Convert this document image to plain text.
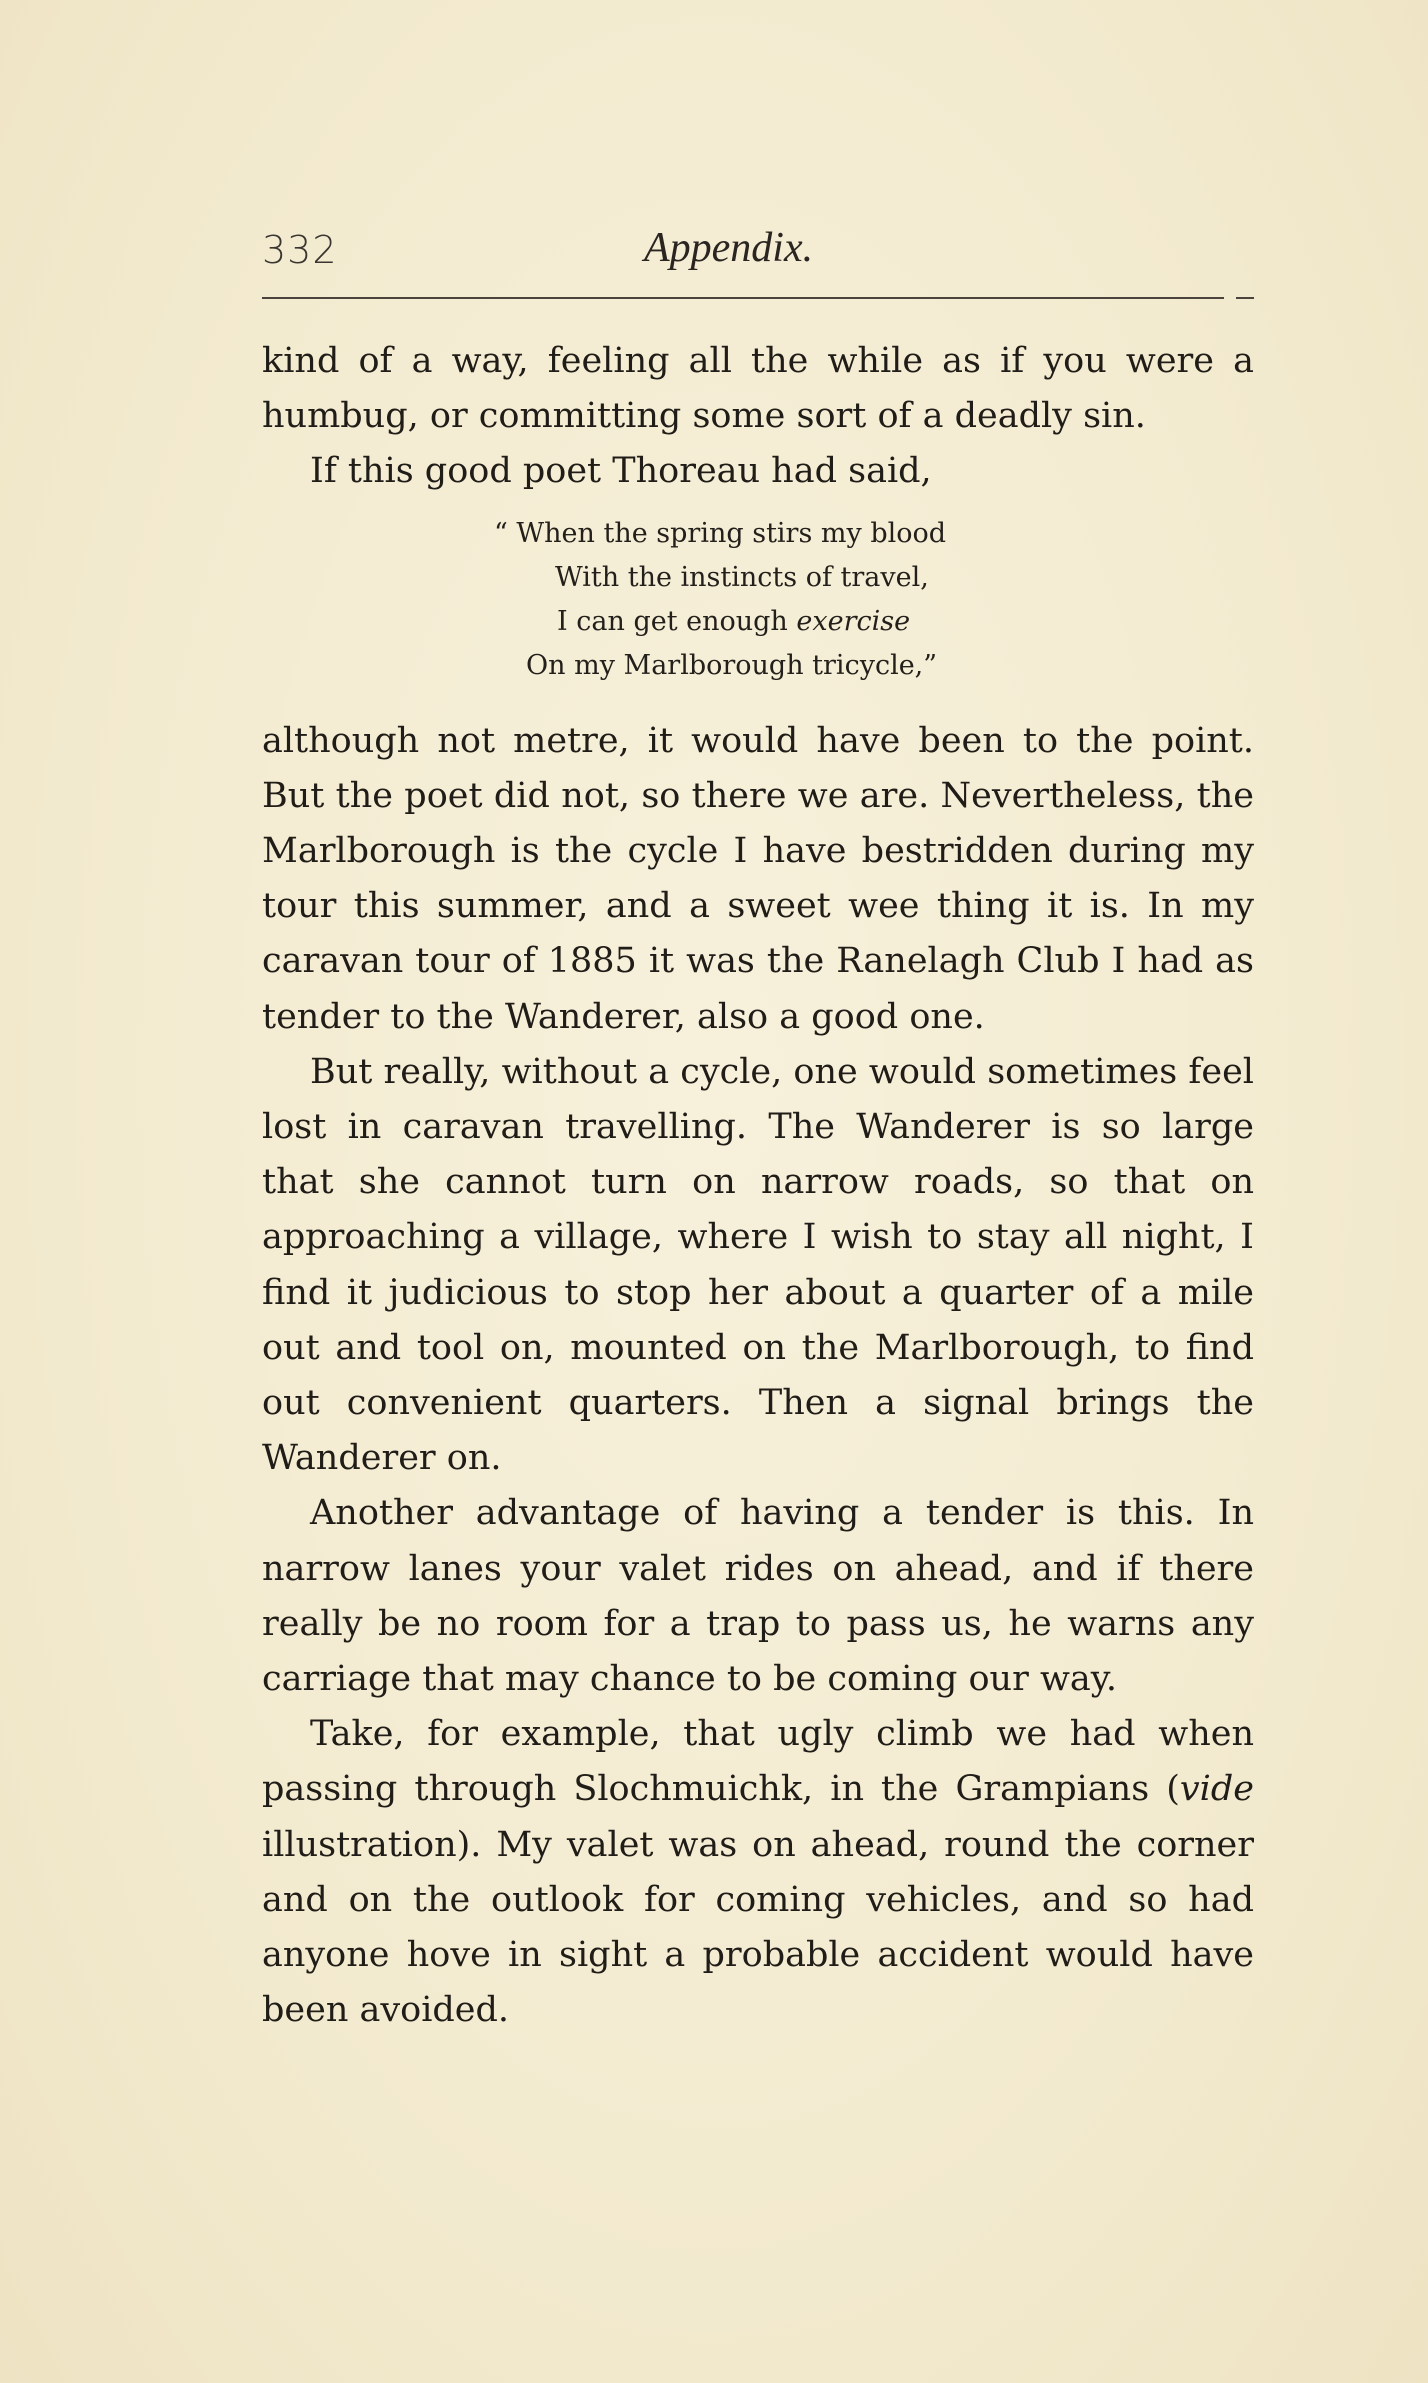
332	Appendix.

kind of a way, feeling all the while as if you were a humbug, or committing some sort of a deadly sin.

If this good poet Thoreau had said,

“ When the spring stirs my blood
With the instincts of travel,
I can get enough exercise
On my Marlborough tricycle,”

although not metre, it would have been to the point. But the poet did not, so there we are. Nevertheless, the Marlborough is the cycle I have bestridden during my tour this summer, and a sweet wee thing it is. In my caravan tour of 1885 it was the Ranelagh Club I had as tender to the Wanderer, also a good one.

But really, without a cycle, one would sometimes feel lost in caravan travelling. The Wanderer is so large that she cannot turn on narrow roads, so that on approaching a village, where I wish to stay all night, I find it judicious to stop her about a quarter of a mile out and tool on, mounted on the Marlborough, to find out convenient quarters. Then a signal brings the Wanderer on.

Another advantage of having a tender is this. In narrow lanes your valet rides on ahead, and if there really be no room for a trap to pass us, he warns any carriage that may chance to be coming our way.

Take, for example, that ugly climb we had when passing through Slochmuichk, in the Grampians (vide illustration). My valet was on ahead, round the corner and on the outlook for coming vehicles, and so had anyone hove in sight a probable accident would have been avoided.
